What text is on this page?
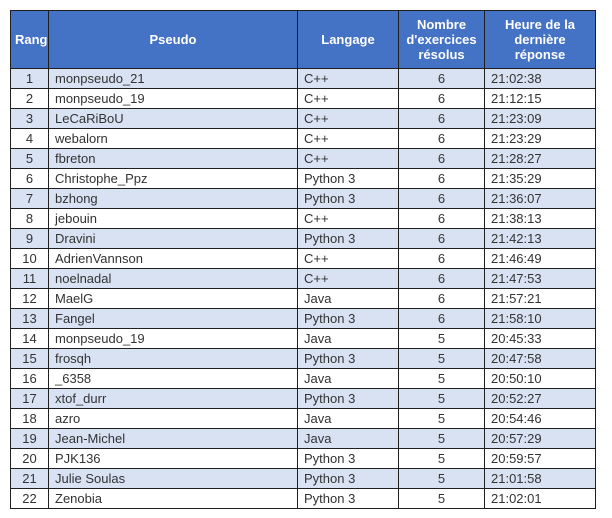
Rang	Pseudo	Langage	Nombre d'exercices résolus	Heure de la dernière réponse
1	monpseudo_21	C++	6	21:02:38
2	monpseudo_19	C++	6	21:12:15
3	LeCaRiBoU	C++	6	21:23:09
4	webalorn	C++	6	21:23:29
5	fbreton	C++	6	21:28:27
6	Christophe_Ppz	Python 3	6	21:35:29
7	bzhong	Python 3	6	21:36:07
8	jebouin	C++	6	21:38:13
9	Dravini	Python 3	6	21:42:13
10	AdrienVannson	C++	6	21:46:49
11	noelnadal	C++	6	21:47:53
12	MaelG	Java	6	21:57:21
13	Fangel	Python 3	6	21:58:10
14	monpseudo_19	Java	5	20:45:33
15	frosqh	Python 3	5	20:47:58
16	_6358	Java	5	20:50:10
17	xtof_durr	Python 3	5	20:52:27
18	azro	Java	5	20:54:46
19	Jean-Michel	Java	5	20:57:29
20	PJK136	Python 3	5	20:59:57
21	Julie Soulas	Python 3	5	21:01:58
22	Zenobia	Python 3	5	21:02:01
